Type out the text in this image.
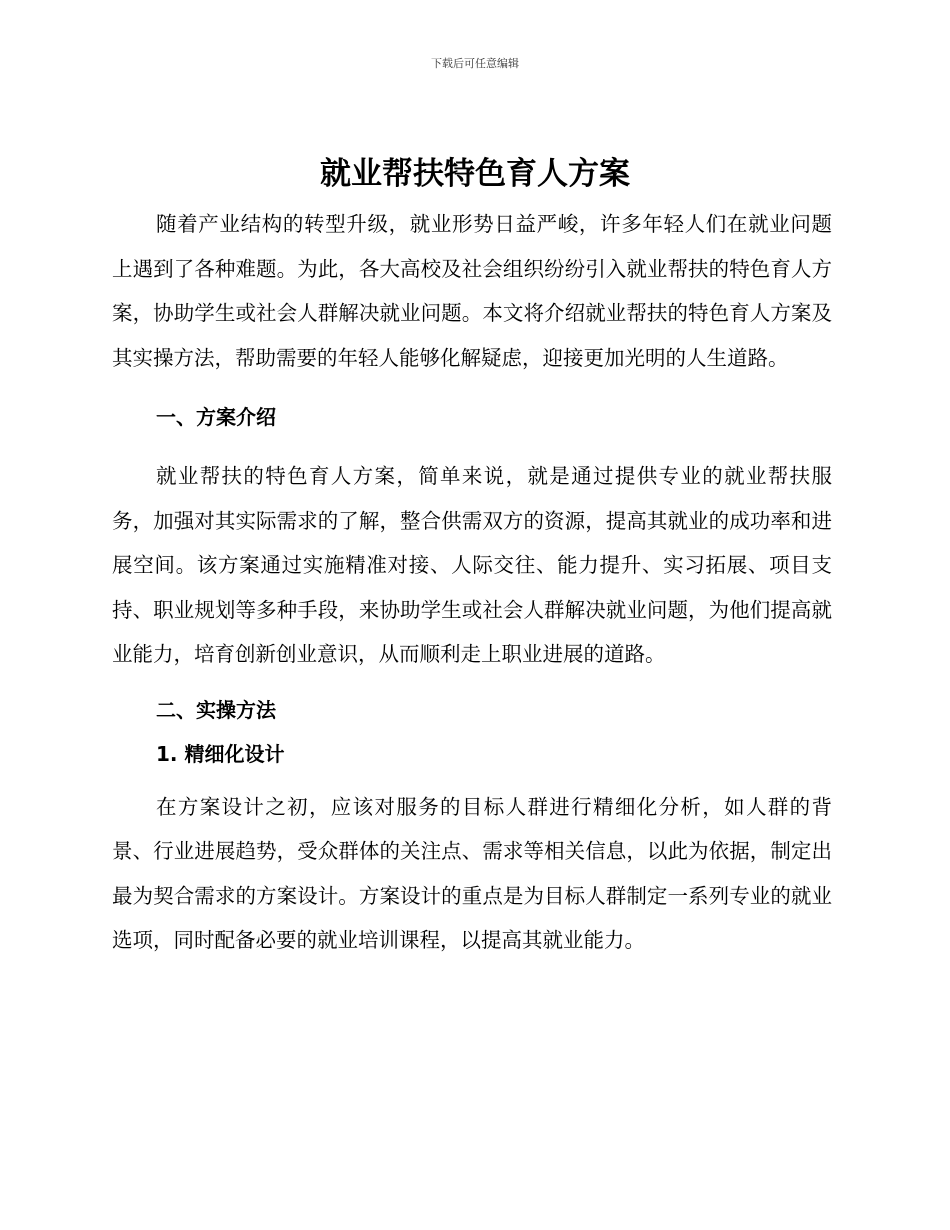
下载后可任意编辑
就业帮扶特色育人方案

随着产业结构的转型升级，就业形势日益严峻，许多年轻人们在就业问题上遇到了各种难题。为此，各大高校及社会组织纷纷引入就业帮扶的特色育人方案，协助学生或社会人群解决就业问题。本文将介绍就业帮扶的特色育人方案及其实操方法，帮助需要的年轻人能够化解疑虑，迎接更加光明的人生道路。

一、方案介绍

就业帮扶的特色育人方案，简单来说，就是通过提供专业的就业帮扶服务，加强对其实际需求的了解，整合供需双方的资源，提高其就业的成功率和进展空间。该方案通过实施精准对接、人际交往、能力提升、实习拓展、项目支持、职业规划等多种手段，来协助学生或社会人群解决就业问题，为他们提高就业能力，培育创新创业意识，从而顺利走上职业进展的道路。

二、实操方法

1. 精细化设计

在方案设计之初，应该对服务的目标人群进行精细化分析，如人群的背景、行业进展趋势，受众群体的关注点、需求等相关信息，以此为依据，制定出最为契合需求的方案设计。方案设计的重点是为目标人群制定一系列专业的就业选项，同时配备必要的就业培训课程，以提高其就业能力。
